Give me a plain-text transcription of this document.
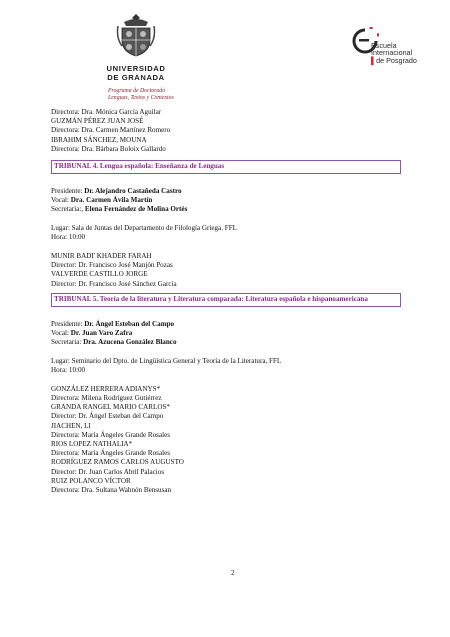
UNIVERSIDAD
DE GRANADA
Programa de Doctorado
Lenguas, Textos y Contextos
Escuela
Internacional
▌de Posgrado
Directora: Dra. Mónica García Aguilar
GUZMÁN PÉREZ JUAN JOSÉ
Directora: Dra. Carmen Martínez Romero
IBRAHIM SÁNCHEZ, MOUNA
Directora: Dra. Bárbara Boloix Gallardo
TRIBUNAL 4. Lengua española: Enseñanza de Lenguas
Presidente: Dr. Alejandro Castañeda Castro
Vocal: Dra. Carmen Ávila Martín
Secretaria:, Elena Fernández de Molina Ortés
Lugar: Sala de Juntas del Departamento de Filología Griega. FFL
Hora: 10:00
MUNIR BADI' KHADER FARAH
Director: Dr. Francisco José Manjón Pozas
VALVERDE CASTILLO JORGE
Director: Dr. Francisco José Sánchez García
TRIBUNAL 5. Teoría de la literatura y Literatura comparada: Literatura española e hispanoamericana
Presidente: Dr. Ángel Esteban del Campo
Vocal: Dr. Juan Varo Zafra
Secretaria: Dra. Azucena González Blanco
Lugar: Seminario del Dpto. de Lingüística General y Teoría de la Literatura, FFL
Hora: 10:00
GONZÁLEZ HERRERA ADIANYS*
Directora: Milena Rodríguez Gutiérrez
GRANDA RANGEL MARIO CARLOS*
Director: Dr. Ángel Esteban del Campo
JIACHEN, LI
Directora: María Ángeles Grande Rosales
RIOS LOPEZ NATHALIA*
Directora: María Ángeles Grande Rosales
RODRÍGUEZ RAMOS CARLOS AUGUSTO
Director: Dr. Juan Carlos Abril Palacios
RUIZ POLANCO VÍCTOR
Directora: Dra. Sultana Wahnón Bensusan
2
